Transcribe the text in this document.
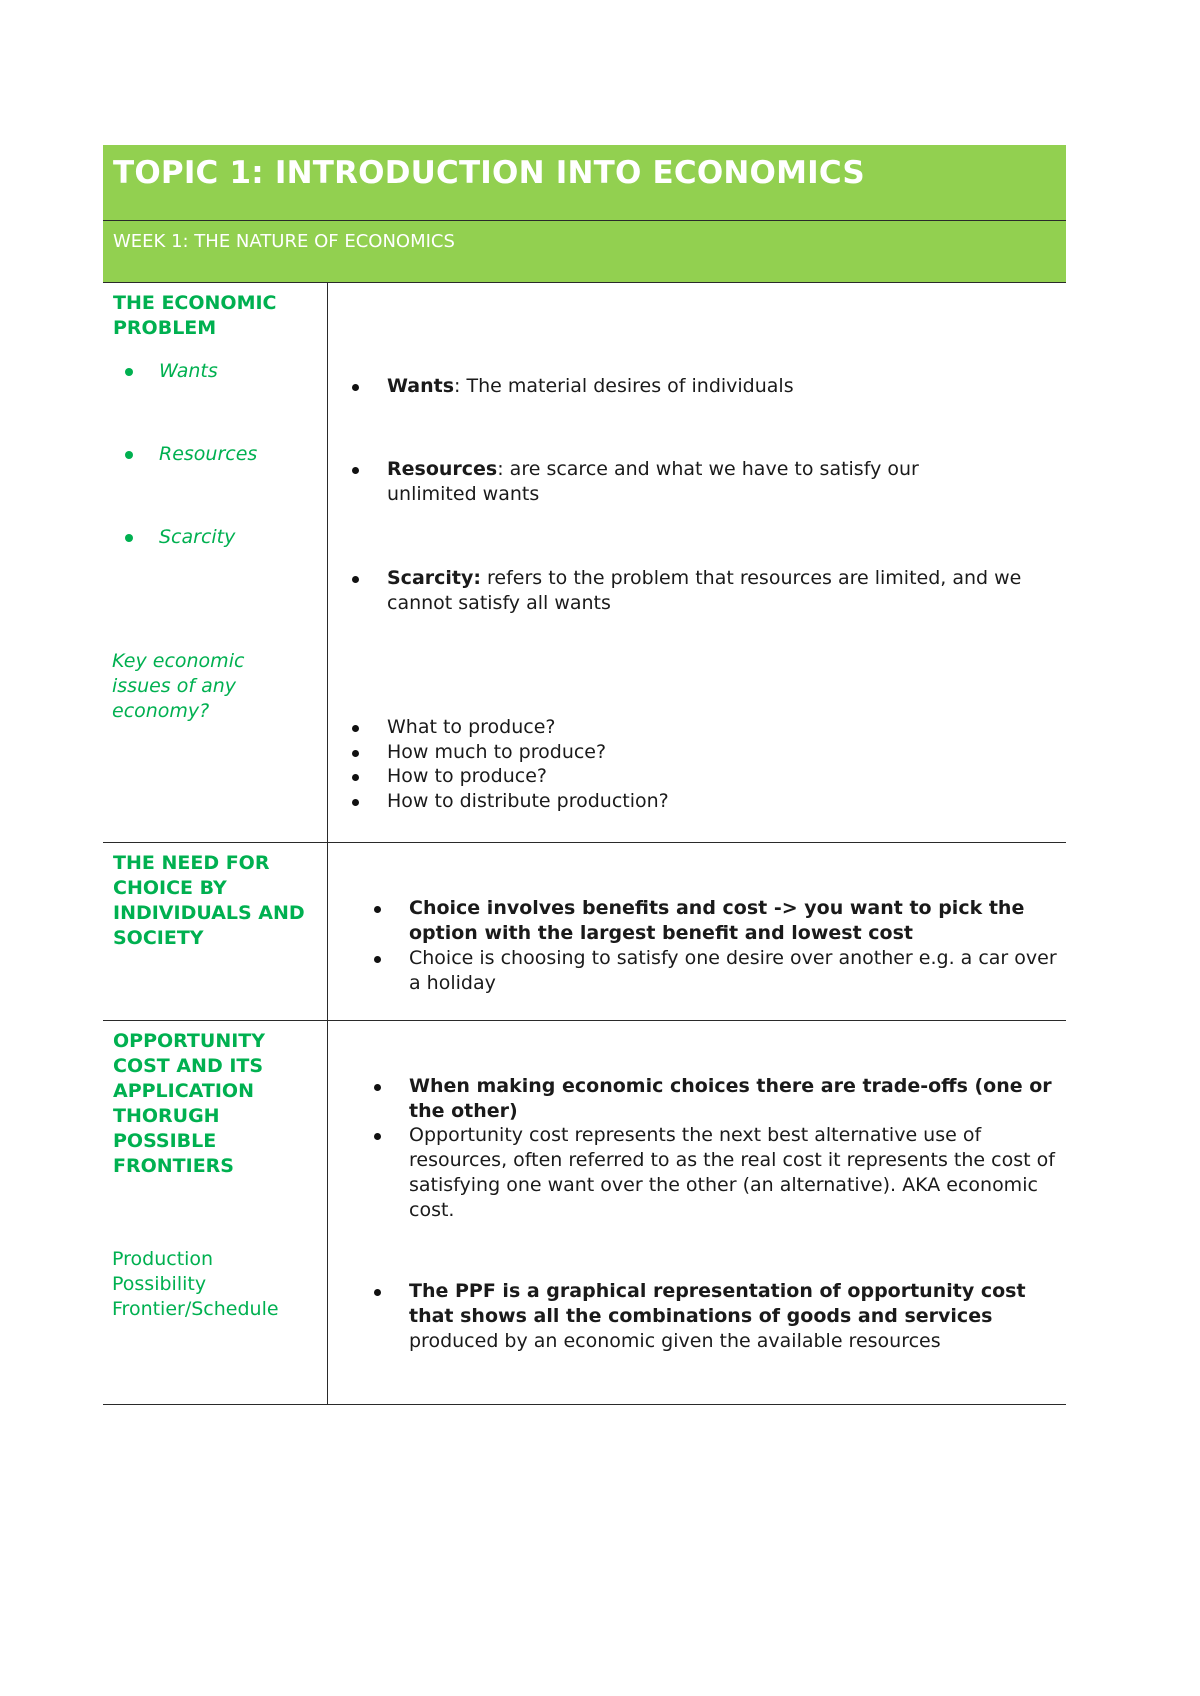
TOPIC 1: INTRODUCTION INTO ECONOMICS
WEEK 1: THE NATURE OF ECONOMICS

THE ECONOMIC PROBLEM

Wants
Resources
Scarcity
Key economic issues of any economy?
Wants: The material desires of individuals
Resources: are scarce and what we have to satisfy our unlimited wants
Scarcity: refers to the problem that resources are limited, and we cannot satisfy all wants
What to produce?
How much to produce?
How to produce?
How to distribute production?

THE NEED FOR CHOICE BY INDIVIDUALS AND SOCIETY

Choice involves benefits and cost -> you want to pick the option with the largest benefit and lowest cost
Choice is choosing to satisfy one desire over another e.g. a car over a holiday

OPPORTUNITY COST AND ITS APPLICATION THORUGH POSSIBLE FRONTIERS

Production Possibility Frontier/Schedule
When making economic choices there are trade-offs (one or the other)
Opportunity cost represents the next best alternative use of resources, often referred to as the real cost it represents the cost of satisfying one want over the other (an alternative). AKA economic cost.
The PPF is a graphical representation of opportunity cost that shows all the combinations of goods and services produced by an economic given the available resources
